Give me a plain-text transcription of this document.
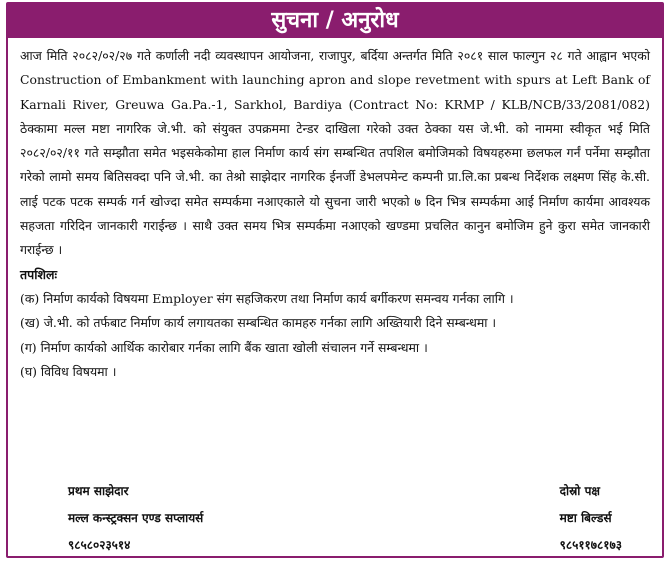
सुचना / अनुरोध

आज मिति २०८२/०२/२७ गते कर्णाली नदी व्यवस्थापन आयोजना, राजापुर, बर्दिया अन्तर्गत मिति २०८१ साल फाल्गुन २८ गते आह्वान भएको Construction of Embankment with launching apron and slope revetment with spurs at Left Bank of Karnali River, Greuwa Ga.Pa.-1, Sarkhol, Bardiya (Contract No: KRMP / KLB/NCB/33/2081/082) ठेक्कामा मल्ल मष्टा नागरिक जे.भी. को संयुक्त उपक्रममा टेन्डर दाखिला गरेको उक्त ठेक्का यस जे.भी. को नाममा स्वीकृत भई मिति २०८२/०२/११ गते सम्झौता समेत भइसकेकोमा हाल निर्माण कार्य संग सम्बन्धित तपशिल बमोजिमको विषयहरुमा छलफल गर्नं पर्नेमा सम्झौता गरेको लामो समय बितिसक्दा पनि जे.भी. का तेश्रो साझेदार नागरिक ईनर्जी डेभलपमेन्ट कम्पनी प्रा.लि.का प्रबन्ध निर्देशक लक्ष्मण सिंह के.सी. लाई पटक पटक सम्पर्क गर्न खोज्दा समेत सम्पर्कमा नआएकाले यो सुचना जारी भएको ७ दिन भित्र सम्पर्कमा आई निर्माण कार्यमा आवश्यक सहजता गरिदिन जानकारी गराईन्छ । साथै उक्त समय भित्र सम्पर्कमा नआएको खण्डमा प्रचलित कानुन बमोजिम हुने कुरा समेत जानकारी गराईन्छ ।

तपशिलः

(क) निर्माण कार्यको विषयमा Employer संग सहजिकरण तथा निर्माण कार्य बर्गीकरण समन्वय गर्नका लागि ।

(ख) जे.भी. को तर्फबाट निर्माण कार्य लगायतका सम्बन्धित कामहरु गर्नका लागि अख्तियारी दिने सम्बन्धमा ।

(ग) निर्माण कार्यको आर्थिक कारोबार गर्नका लागि बैंक खाता खोली संचालन गर्ने सम्बन्धमा ।

(घ) विविध विषयमा ।

प्रथम साझेदार
मल्ल कन्स्ट्रक्सन एण्ड सप्लायर्स
९८५८०२३५१४
दोस्रो पक्ष
मष्टा बिल्डर्स
९८५११७८१७३
